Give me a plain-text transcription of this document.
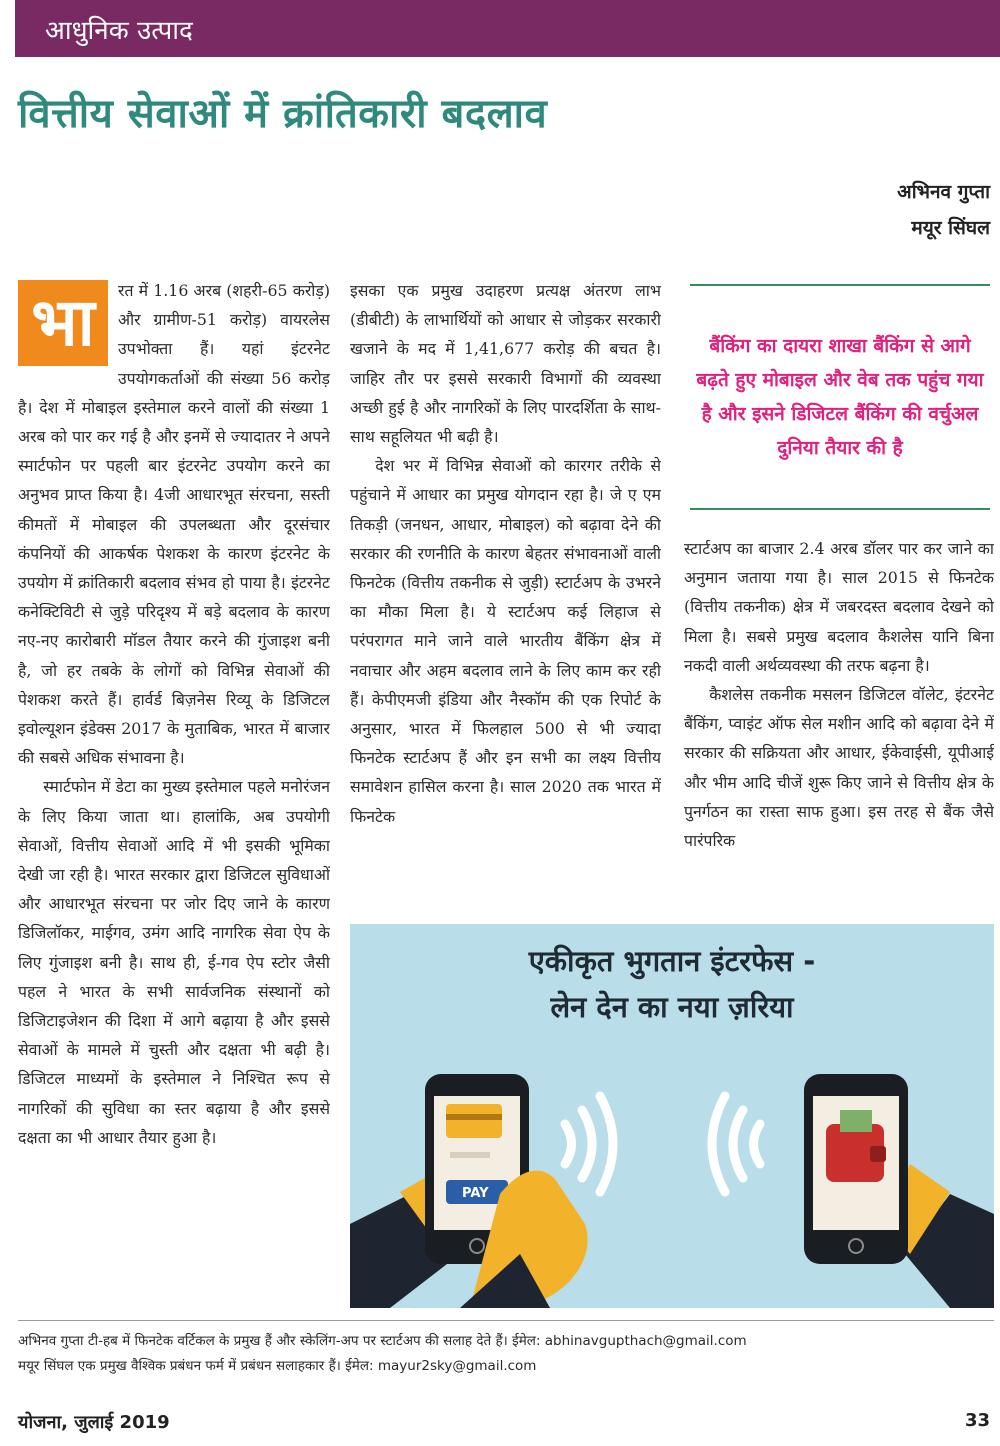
आधुनिक उत्पाद
वित्तीय सेवाओं में क्रांतिकारी बदलाव
अभिनव गुप्ता
मयूर सिंघल
भा	रत में 1.16 अरब (शहरी-65 करोड़) और ग्रामीण-51 करोड़) वायरलेस उपभोक्ता हैं। यहां इंटरनेट उपयोगकर्ताओं की संख्या 56 करोड़ है। देश में मोबाइल इस्तेमाल करने वालों की संख्या 1 अरब को पार कर गई है और इनमें से ज्यादातर ने अपने स्मार्टफोन पर पहली बार इंटरनेट उपयोग करने का अनुभव प्राप्त किया है। 4जी आधारभूत संरचना, सस्ती कीमतों में मोबाइल की उपलब्धता और दूरसंचार कंपनियों की आकर्षक पेशकश के कारण इंटरनेट के उपयोग में क्रांतिकारी बदलाव संभव हो पाया है। इंटरनेट कनेक्टिविटी से जुड़े परिदृश्य में बड़े बदलाव के कारण नए-नए कारोबारी मॉडल तैयार करने की गुंजाइश बनी है, जो हर तबके के लोगों को विभिन्न सेवाओं की पेशकश करते हैं। हार्वर्ड बिज़नेस रिव्यू के डिजिटल इवोल्यूशन इंडेक्स 2017 के मुताबिक, भारत में बाजार की सबसे अधिक संभावना है।

स्मार्टफोन में डेटा का मुख्य इस्तेमाल पहले मनोरंजन के लिए किया जाता था। हालांकि, अब उपयोगी सेवाओं, वित्तीय सेवाओं आदि में भी इसकी भूमिका देखी जा रही है। भारत सरकार द्वारा डिजिटल सुविधाओं और आधारभूत संरचना पर जोर दिए जाने के कारण डिजिलॉकर, माईगव, उमंग आदि नागरिक सेवा ऐप के लिए गुंजाइश बनी है। साथ ही, ई-गव ऐप स्टोर जैसी पहल ने भारत के सभी सार्वजनिक संस्थानों को डिजिटाइजेशन की दिशा में आगे बढ़ाया है और इससे सेवाओं के मामले में चुस्ती और दक्षता भी बढ़ी है। डिजिटल माध्यमों के इस्तेमाल ने निश्चित रूप से नागरिकों की सुविधा का स्तर बढ़ाया है और इससे दक्षता का भी आधार तैयार हुआ है।

इसका एक प्रमुख उदाहरण प्रत्यक्ष अंतरण लाभ (डीबीटी) के लाभार्थियों को आधार से जोड़कर सरकारी खजाने के मद में 1,41,677 करोड़ की बचत है। जाहिर तौर पर इससे सरकारी विभागों की व्यवस्था अच्छी हुई है और नागरिकों के लिए पारदर्शिता के साथ-साथ सहूलियत भी बढ़ी है।

देश भर में विभिन्न सेवाओं को कारगर तरीके से पहुंचाने में आधार का प्रमुख योगदान रहा है। जे ए एम तिकड़ी (जनधन, आधार, मोबाइल) को बढ़ावा देने की सरकार की रणनीति के कारण बेहतर संभावनाओं वाली फिनटेक (वित्तीय तकनीक से जुड़ी) स्टार्टअप के उभरने का मौका मिला है। ये स्टार्टअप कई लिहाज से परंपरागत माने जाने वाले भारतीय बैंकिंग क्षेत्र में नवाचार और अहम बदलाव लाने के लिए काम कर रही हैं। केपीएमजी इंडिया और नैस्कॉम की एक रिपोर्ट के अनुसार, भारत में फिलहाल 500 से भी ज्यादा फिनटेक स्टार्टअप हैं और इन सभी का लक्ष्य वित्तीय समावेशन हासिल करना है। साल 2020 तक भारत में फिनटेक

बैंकिंग का दायरा शाखा बैंकिंग से आगे बढ़ते हुए मोबाइल और वेब तक पहुंच गया है और इसने डिजिटल बैंकिंग की वर्चुअल दुनिया तैयार की है

स्टार्टअप का बाजार 2.4 अरब डॉलर पार कर जाने का अनुमान जताया गया है। साल 2015 से फिनटेक (वित्तीय तकनीक) क्षेत्र में जबरदस्त बदलाव देखने को मिला है। सबसे प्रमुख बदलाव कैशलेस यानि बिना नकदी वाली अर्थव्यवस्था की तरफ बढ़ना है।

कैशलेस तकनीक मसलन डिजिटल वॉलेट, इंटरनेट बैंकिंग, प्वाइंट ऑफ सेल मशीन आदि को बढ़ावा देने में सरकार की सक्रियता और आधार, ईकेवाईसी, यूपीआई और भीम आदि चीजें शुरू किए जाने से वित्तीय क्षेत्र के पुनर्गठन का रास्ता साफ हुआ। इस तरह से बैंक जैसे पारंपरिक

PAY
एकीकृत भुगतान इंटरफेस -
लेन देन का नया ज़रिया
अभिनव गुप्ता टी-हब में फिनटेक वर्टिकल के प्रमुख हैं और स्केलिंग-अप पर स्टार्टअप की सलाह देते हैं। ईमेल: abhinavgupthach@gmail.com
मयूर सिंघल एक प्रमुख वैश्विक प्रबंधन फर्म में प्रबंधन सलाहकार हैं। ईमेल: mayur2sky@gmail.com
योजना, जुलाई 2019	33
